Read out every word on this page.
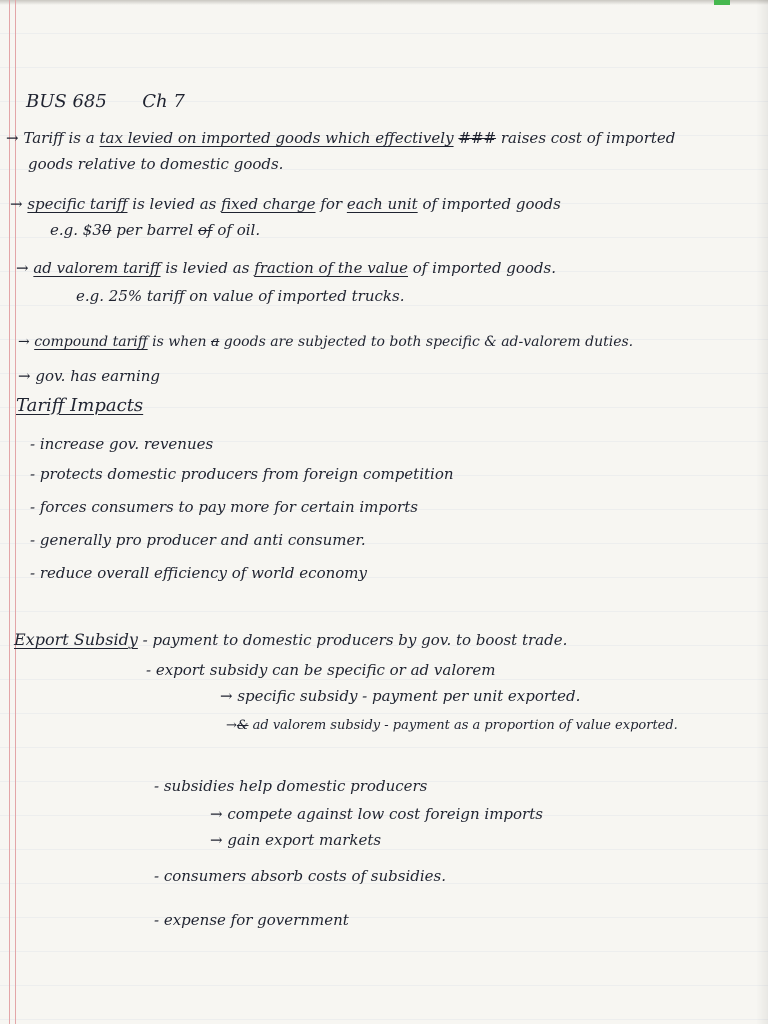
BUS 685 Ch 7
→ Tariff is a tax levied on imported goods which effectively ### raises cost of imported
goods relative to domestic goods.
→ specific tariff is levied as fixed charge for each unit of imported goods
e.g. $30 per barrel of of oil.
→ ad valorem tariff is levied as fraction of the value of imported goods.
e.g. 25% tariff on value of imported trucks.
→ compound tariff is when a goods are subjected to both specific & ad-valorem duties.
→ gov. has earning
Tariff Impacts
- increase gov. revenues
- protects domestic producers from foreign competition
- forces consumers to pay more for certain imports
- generally pro producer and anti consumer.
- reduce overall efficiency of world economy
Export Subsidy - payment to domestic producers by gov. to boost trade.
- export subsidy can be specific or ad valorem
→ specific subsidy - payment per unit exported.
→& ad valorem subsidy - payment as a proportion of value exported.
- subsidies help domestic producers
→ compete against low cost foreign imports
→ gain export markets
- consumers absorb costs of subsidies.
- expense for government
